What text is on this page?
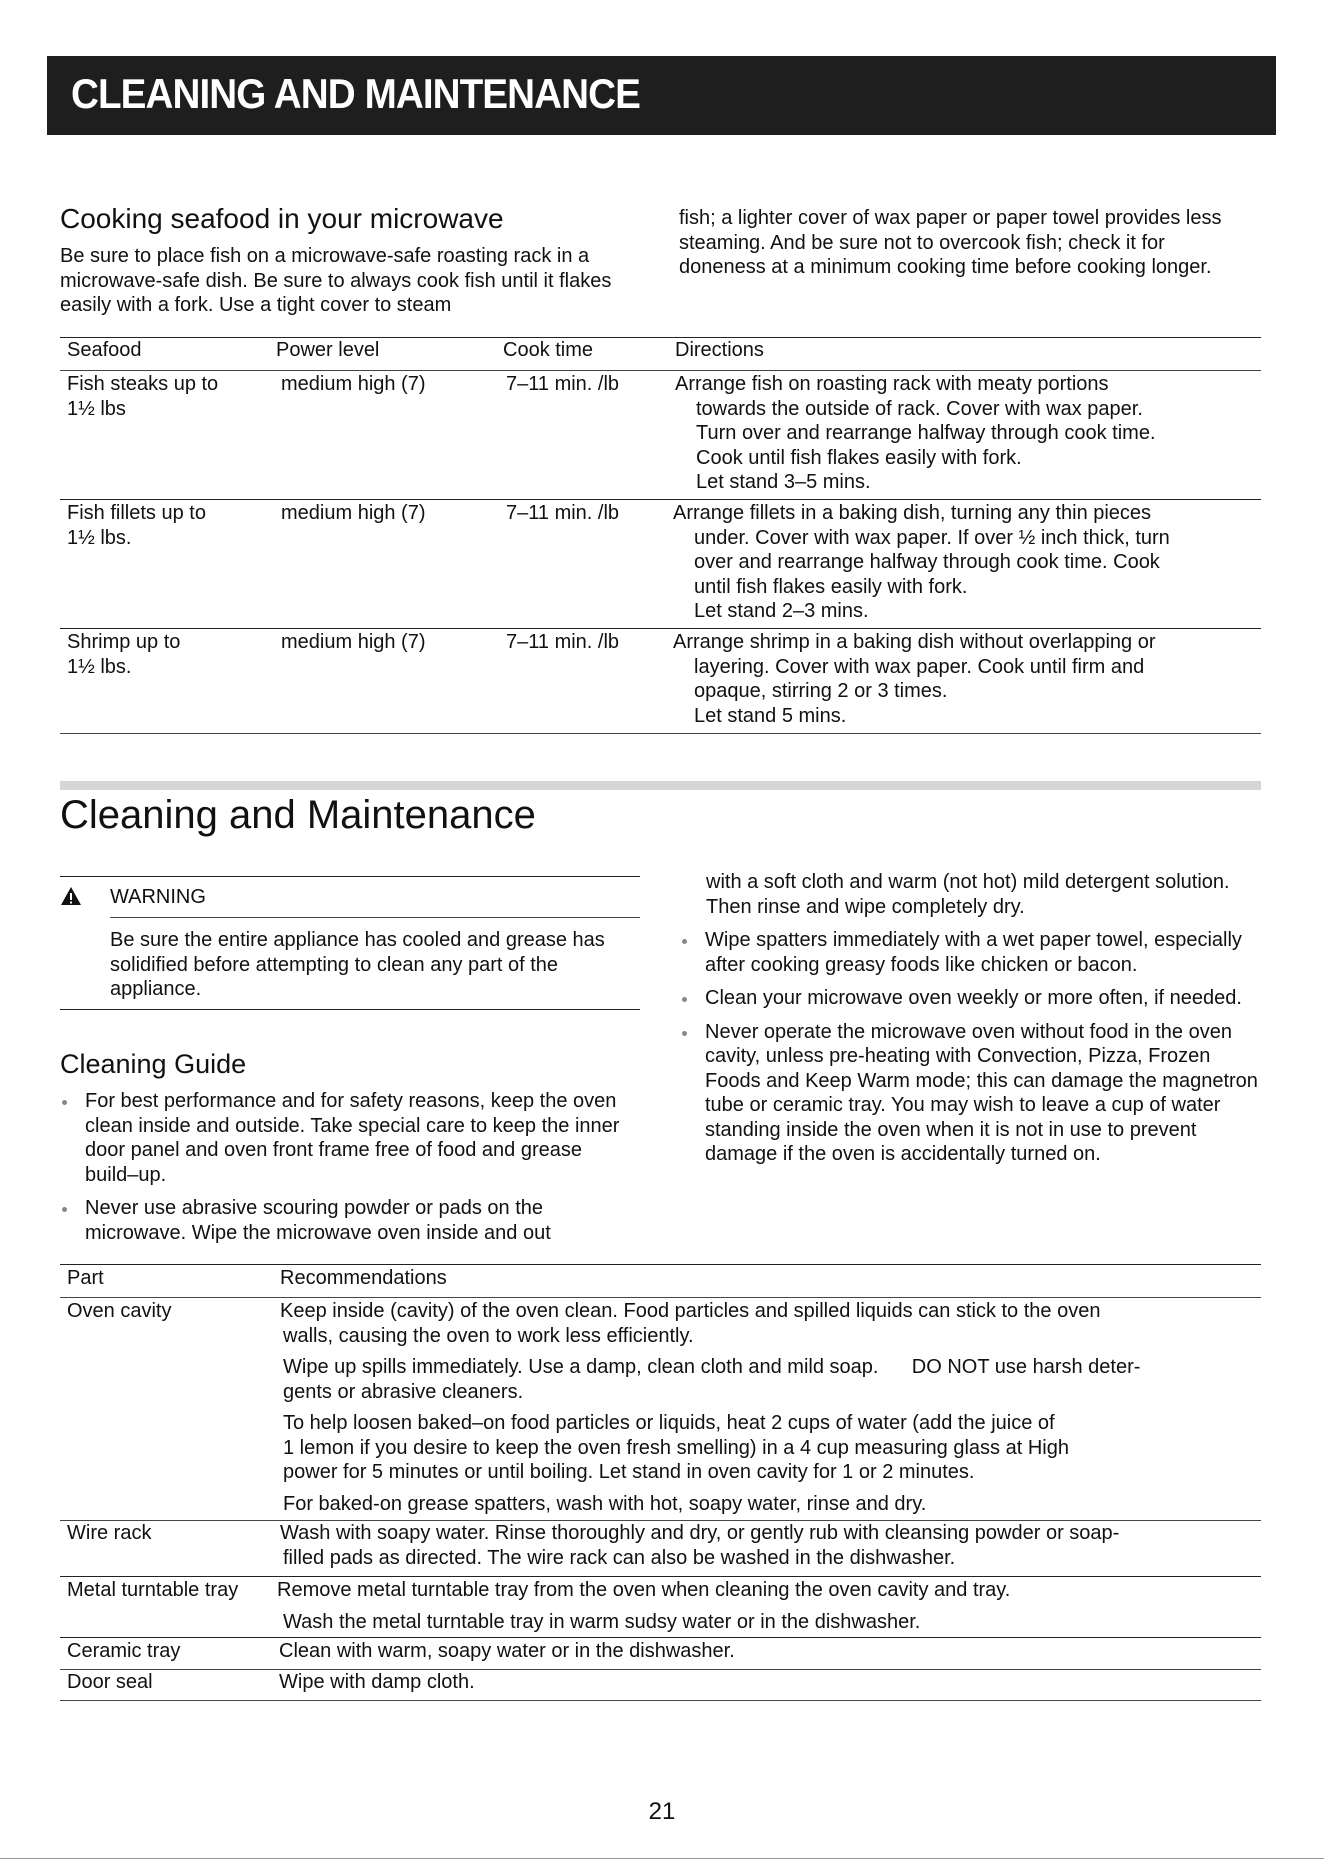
CLEANING AND MAINTENANCE
Cooking seafood in your microwave
Be sure to place fish on a microwave-safe roasting rack in a microwave-safe dish. Be sure to always cook fish until it flakes easily with a fork. Use a tight cover to steam
fish; a lighter cover of wax paper or paper towel provides less steaming. And be sure not to overcook fish; check it for doneness at a minimum cooking time before cooking longer.
Seafood	Power level	Cook time	Directions
Fish steaks up to
1½ lbs
medium high (7)	7–11 min. /lb	Arrange fish on roasting rack with meaty portions
towards the outside of rack. Cover with wax paper.
Turn over and rearrange halfway through cook time.
Cook until fish flakes easily with fork.
Let stand 3–5 mins.
Fish fillets up to
1½ lbs.
medium high (7)	7–11 min. /lb	Arrange fillets in a baking dish, turning any thin pieces
under. Cover with wax paper. If over ½ inch thick, turn
over and rearrange halfway through cook time. Cook
until fish flakes easily with fork.
Let stand 2–3 mins.
Shrimp up to
1½ lbs.
medium high (7)	7–11 min. /lb	Arrange shrimp in a baking dish without overlapping or
layering. Cover with wax paper. Cook until firm and
opaque, stirring 2 or 3 times.
Let stand 5 mins.
Cleaning and Maintenance
WARNING
Be sure the entire appliance has cooled and grease has solidified before attempting to clean any part of the appliance.
Cleaning Guide
For best performance and for safety reasons, keep the oven clean inside and outside. Take special care to keep the inner door panel and oven front frame free of food and grease build–up.
Never use abrasive scouring powder or pads on the microwave. Wipe the microwave oven inside and out
with a soft cloth and warm (not hot) mild detergent solution. Then rinse and wipe completely dry.
Wipe spatters immediately with a wet paper towel, especially after cooking greasy foods like chicken or bacon.
Clean your microwave oven weekly or more often, if needed.
Never operate the microwave oven without food in the oven cavity, unless pre-heating with Convection, Pizza, Frozen Foods and Keep Warm mode; this can damage the magnetron tube or ceramic tray. You may wish to leave a cup of water standing inside the oven when it is not in use to prevent damage if the oven is accidentally turned on.
Part	Recommendations
Oven cavity	Keep inside (cavity) of the oven clean. Food particles and spilled liquids can stick to the oven
walls, causing the oven to work less efficiently.

Wipe up spills immediately. Use a damp, clean cloth and mild soap.      DO NOT use harsh deter-
gents or abrasive cleaners.

To help loosen baked–on food particles or liquids, heat 2 cups of water (add the juice of
1 lemon if you desire to keep the oven fresh smelling) in a 4 cup measuring glass at High
power for 5 minutes or until boiling. Let stand in oven cavity for 1 or 2 minutes.

For baked-on grease spatters, wash with hot, soapy water, rinse and dry.

Wire rack	Wash with soapy water. Rinse thoroughly and dry, or gently rub with cleansing powder or soap-
filled pads as directed. The wire rack can also be washed in the dishwasher.

Metal turntable tray Remove metal turntable tray from the oven when cleaning the oven cavity and tray.

Wash the metal turntable tray in warm sudsy water or in the dishwasher.

Ceramic tray	Clean with warm, soapy water or in the dishwasher.
Door seal	Wipe with damp cloth.
21
